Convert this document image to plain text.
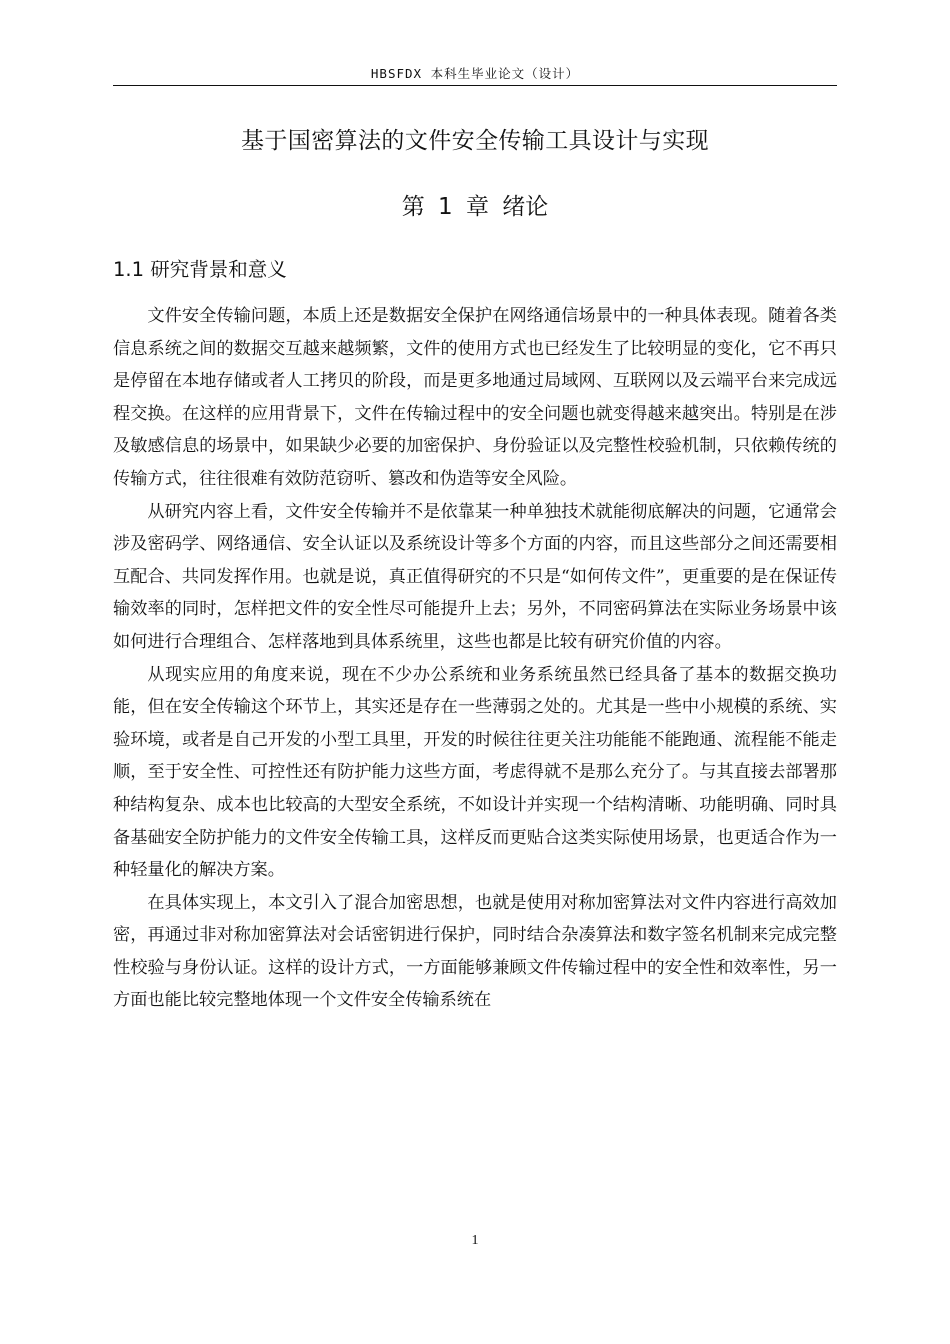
HBSFDX 本科生毕业论文（设计）
基于国密算法的文件安全传输工具设计与实现
第 1 章 绪论
1.1 研究背景和意义

文件安全传输问题，本质上还是数据安全保护在网络通信场景中的一种具体表现。随着各类信息系统之间的数据交互越来越频繁，文件的使用方式也已经发生了比较明显的变化，它不再只是停留在本地存储或者人工拷贝的阶段，而是更多地通过局域网、互联网以及云端平台来完成远程交换。在这样的应用背景下，文件在传输过程中的安全问题也就变得越来越突出。特别是在涉及敏感信息的场景中，如果缺少必要的加密保护、身份验证以及完整性校验机制，只依赖传统的传输方式，往往很难有效防范窃听、篡改和伪造等安全风险。

从研究内容上看，文件安全传输并不是依靠某一种单独技术就能彻底解决的问题，它通常会涉及密码学、网络通信、安全认证以及系统设计等多个方面的内容，而且这些部分之间还需要相互配合、共同发挥作用。也就是说，真正值得研究的不只是“如何传文件”，更重要的是在保证传输效率的同时，怎样把文件的安全性尽可能提升上去；另外，不同密码算法在实际业务场景中该如何进行合理组合、怎样落地到具体系统里，这些也都是比较有研究价值的内容。

从现实应用的角度来说，现在不少办公系统和业务系统虽然已经具备了基本的数据交换功能，但在安全传输这个环节上，其实还是存在一些薄弱之处的。尤其是一些中小规模的系统、实验环境，或者是自己开发的小型工具里，开发的时候往往更关注功能能不能跑通、流程能不能走顺，至于安全性、可控性还有防护能力这些方面，考虑得就不是那么充分了。与其直接去部署那种结构复杂、成本也比较高的大型安全系统，不如设计并实现一个结构清晰、功能明确、同时具备基础安全防护能力的文件安全传输工具，这样反而更贴合这类实际使用场景，也更适合作为一种轻量化的解决方案。

在具体实现上，本文引入了混合加密思想，也就是使用对称加密算法对文件内容进行高效加密，再通过非对称加密算法对会话密钥进行保护，同时结合杂凑算法和数字签名机制来完成完整性校验与身份认证。这样的设计方式，一方面能够兼顾文件传输过程中的安全性和效率性，另一方面也能比较完整地体现一个文件安全传输系统在

1
